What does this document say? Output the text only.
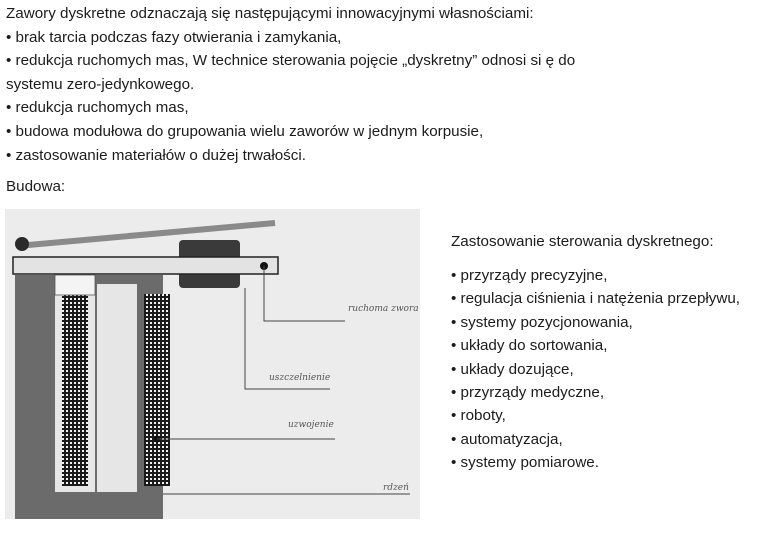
Zawory dyskretne odznaczają się następującymi innowacyjnymi własnościami:
• brak tarcia podczas fazy otwierania i zamykania,
• redukcja ruchomych mas, W technice sterowania pojęcie „dyskretny” odnosi si ę do
systemu zero-jedynkowego.
• redukcja ruchomych mas,
• budowa modułowa do grupowania wielu zaworów w jednym korpusie,
• zastosowanie materiałów o dużej trwałości.
Budowa:
ruchoma zwora
uszczelnienie
uzwojenie
rdzeń
Zastosowanie sterowania dyskretnego:
• przyrządy precyzyjne,
• regulacja ciśnienia i natężenia przepływu,
• systemy pozycjonowania,
• układy do sortowania,
• układy dozujące,
• przyrządy medyczne,
• roboty,
• automatyzacja,
• systemy pomiarowe.
